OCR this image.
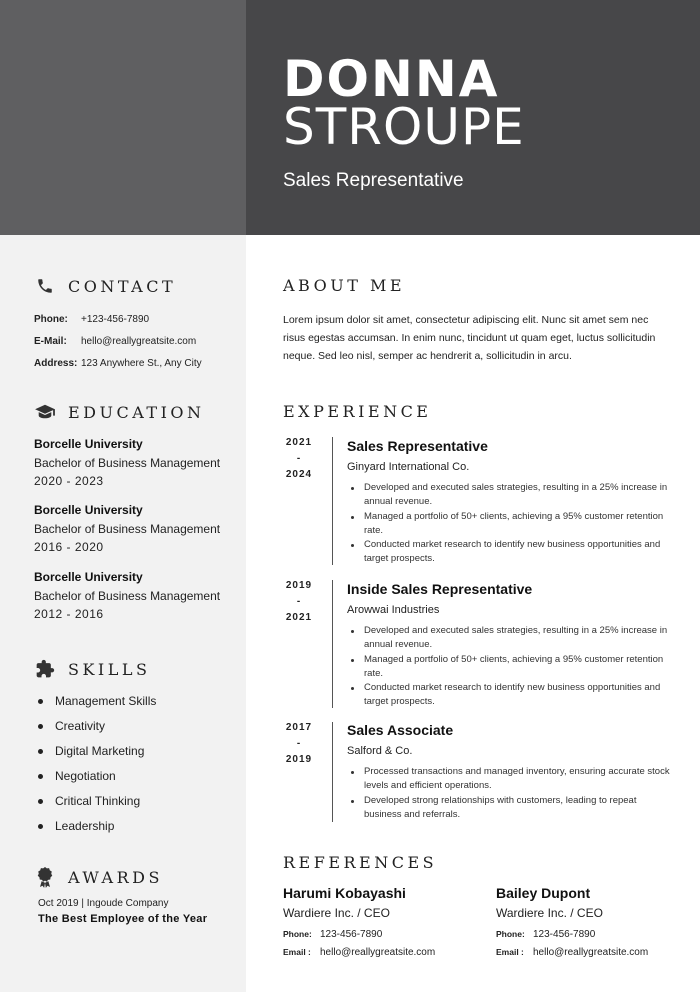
DONNA
STROUPE
Sales Representative
CONTACT
Phone:	+123-456-7890
E-Mail:	hello@reallygreatsite.com
Address: 123 Anywhere St., Any City
EDUCATION
Borcelle University
Bachelor of Business Management
2020 - 2023
Borcelle University
Bachelor of Business Management
2016 - 2020
Borcelle University
Bachelor of Business Management
2012 - 2016
SKILLS
Management Skills
Creativity
Digital Marketing
Negotiation
Critical Thinking
Leadership
AWARDS
Oct 2019 | Ingoude Company
The Best Employee of the Year
ABOUT ME
Lorem ipsum dolor sit amet, consectetur adipiscing elit. Nunc sit amet sem nec risus egestas accumsan. In enim nunc, tincidunt ut quam eget, luctus sollicitudin neque. Sed leo nisl, semper ac hendrerit a, sollicitudin in arcu.
EXPERIENCE
2021
-
2024
Sales Representative
Ginyard International Co.
Developed and executed sales strategies, resulting in a 25% increase in annual revenue.
Managed a portfolio of 50+ clients, achieving a 95% customer retention rate.
Conducted market research to identify new business opportunities and target prospects.
2019
-
2021
Inside Sales Representative
Arowwai Industries
Developed and executed sales strategies, resulting in a 25% increase in annual revenue.
Managed a portfolio of 50+ clients, achieving a 95% customer retention rate.
Conducted market research to identify new business opportunities and target prospects.
2017
-
2019
Sales Associate
Salford & Co.
Processed transactions and managed inventory, ensuring accurate stock levels and efficient operations.
Developed strong relationships with customers, leading to repeat business and referrals.
REFERENCES
Harumi Kobayashi
Wardiere Inc. / CEO
Phone: 123-456-7890
Email : hello@reallygreatsite.com
Bailey Dupont
Wardiere Inc. / CEO
Phone: 123-456-7890
Email : hello@reallygreatsite.com
